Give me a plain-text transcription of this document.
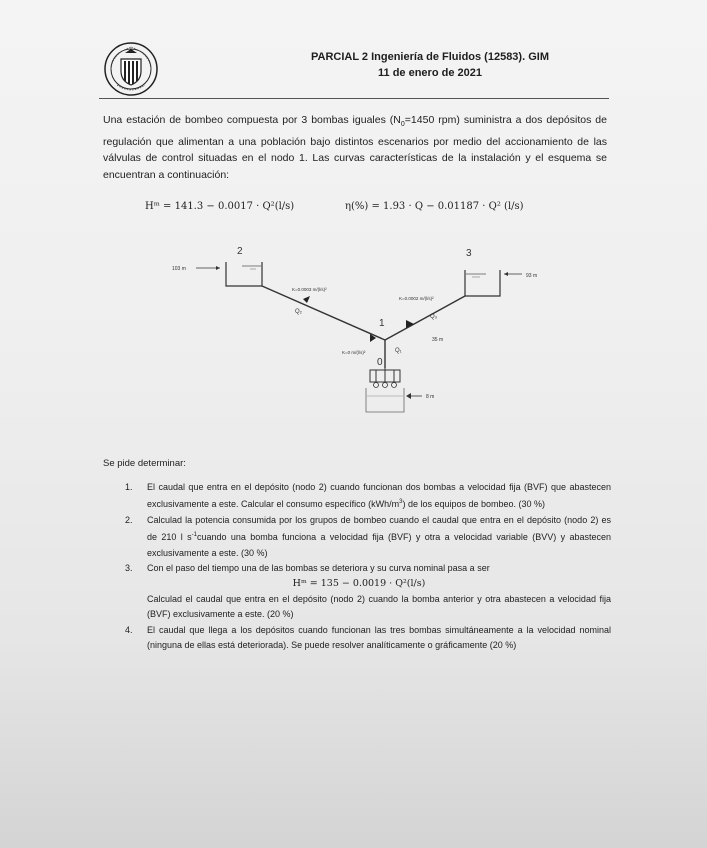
PARCIAL 2 Ingeniería de Fluidos (12583). GIM
11 de enero de 2021
Una estación de bombeo compuesta por 3 bombas iguales ($N_0=1450$ rpm) suministra a dos depósitos de regulación que alimentan a una población bajo distintos escenarios por medio del accionamiento de las válvulas de control situadas en el nodo 1. Las curvas características de la instalación y el esquema se encuentran a continuación:
Hᵐ = 141.3 − 0.0017 · Q²(l/s)	η(%) = 1.93 · Q − 0.01187 · Q² (l/s)
2
103 m
3
93 m
K=0.0003 m/(l/s)²
K=0.0002 m/(l/s)²
K=0 m/(l/s)²
Q₂
Q₃
Q₁
1
35 m
0
8 m
Se pide determinar:
1. El caudal que entra en el depósito (nodo 2) cuando funcionan dos bombas a velocidad fija (BVF) que abastecen exclusivamente a este. Calcular el consumo específico $(kWh/m^3)$ de los equipos de bombeo. (30 %)
2. Calculad la potencia consumida por los grupos de bombeo cuando el caudal que entra en el depósito (nodo 2) es de 210 l $s^{-1}cuando$ una bomba funciona a velocidad fija (BVF) y otra a velocidad variable (BVV) y abastecen exclusivamente a este. (30 %)
3. Con el paso del tiempo una de las bombas se deteriora y su curva nominal pasa a ser
Hᵐ = 135 − 0.0019 · Q²(l/s)
Calculad el caudal que entra en el depósito (nodo 2) cuando la bomba anterior y otra abastecen a velocidad fija (BVF) exclusivamente a este. (20 %)
4. El caudal que llega a los depósitos cuando funcionan las tres bombas simultáneamente a la velocidad nominal (ninguna de ellas está deteriorada). Se puede resolver analíticamente o gráficamente (20 %)
